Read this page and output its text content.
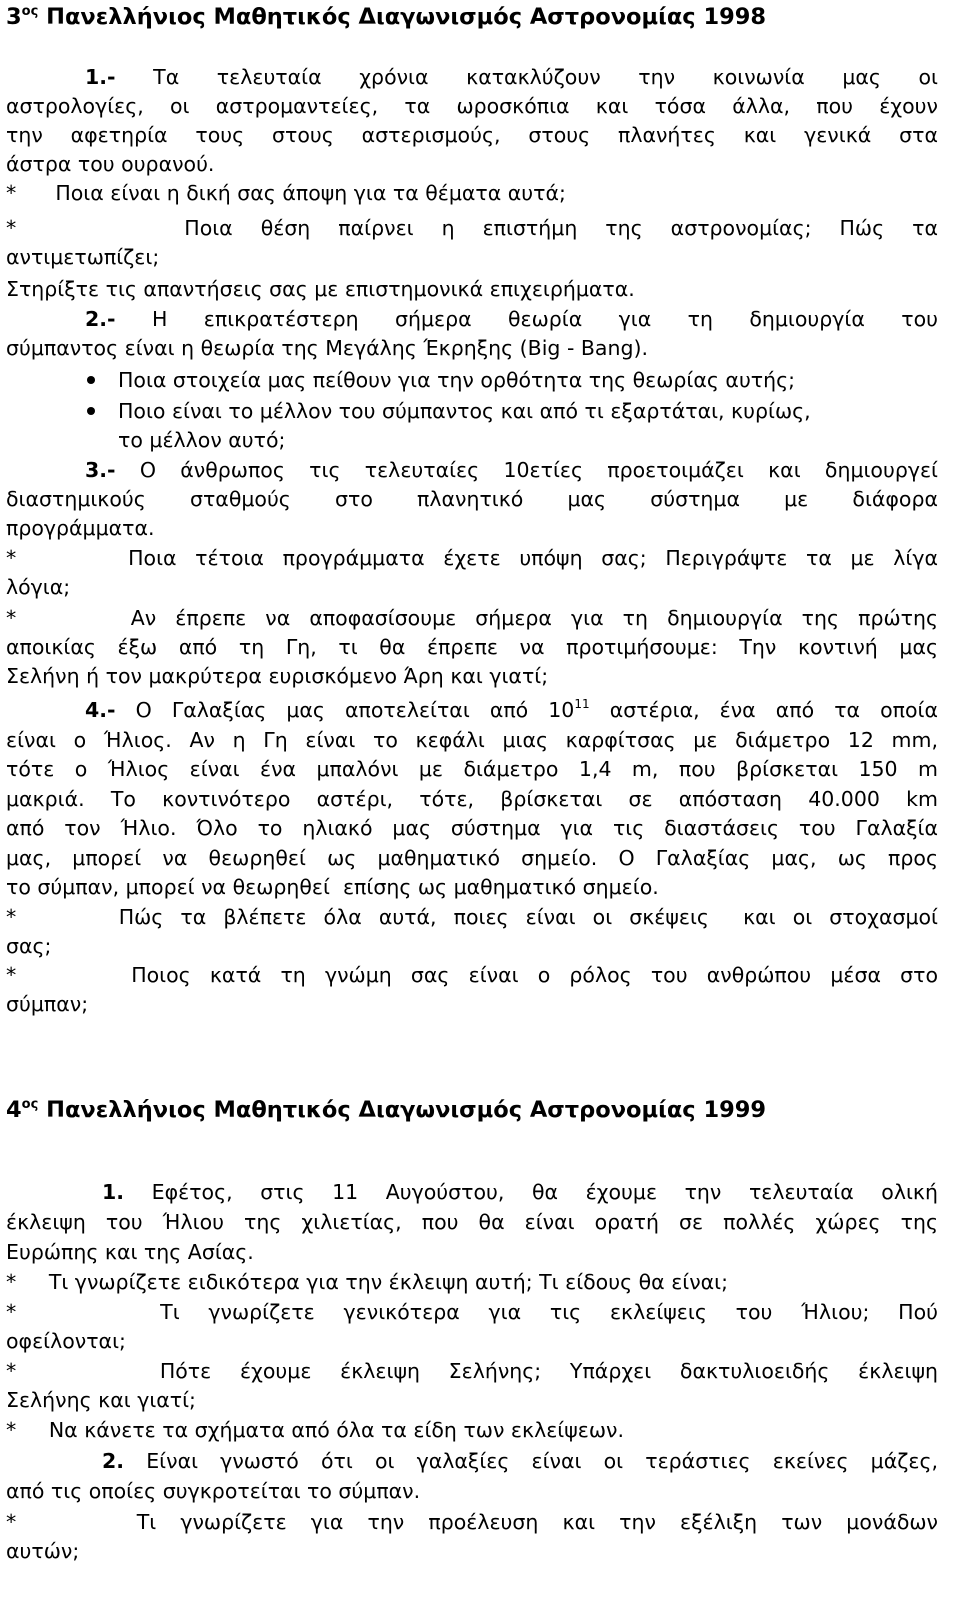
$3^{o\varsigma}$ Πανελλήνιος Μαθητικός Διαγωνισμός Αστρονομίας 1998
1.- Τα τελευταία χρόνια κατακλύζουν την κοινωνία μας οι
αστρολογίες, οι αστρομαντείες, τα ωροσκόπια και τόσα άλλα, που έχουν
την αφετηρία τους στους αστερισμούς, στους πλανήτες και γενικά στα
άστρα του ουρανού.
*      Ποια είναι η δική σας άποψη για τα θέματα αυτά;
*      Ποια θέση παίρνει η επιστήμη της αστρονομίας; Πώς τα
αντιμετωπίζει;
Στηρίξτε τις απαντήσεις σας με επιστημονικά επιχειρήματα.
2.- Η επικρατέστερη σήμερα θεωρία για τη δημιουργία του
σύμπαντος είναι η θεωρία της Μεγάλης Έκρηξης (Big - Bang).
Ποια στοιχεία μας πείθουν για την ορθότητα της θεωρίας αυτής;
Ποιο είναι το μέλλον του σύμπαντος και από τι εξαρτάται, κυρίως,
το μέλλον αυτό;
3.- Ο άνθρωπος τις τελευταίες 10ετίες προετοιμάζει και δημιουργεί
διαστημικούς σταθμούς στο πλανητικό μας σύστημα με διάφορα
προγράμματα.
*      Ποια τέτοια προγράμματα έχετε υπόψη σας; Περιγράψτε τα με λίγα
λόγια;
*      Αν έπρεπε να αποφασίσουμε σήμερα για τη δημιουργία της πρώτης
αποικίας έξω από τη Γη, τι θα έπρεπε να προτιμήσουμε: Την κοντινή μας
Σελήνη ή τον μακρύτερα ευρισκόμενο Άρη και γιατί;
4.- Ο Γαλαξίας μας αποτελείται από $10^{11}$ αστέρια, ένα από τα οποία
είναι ο Ήλιος. Αν η Γη είναι το κεφάλι μιας καρφίτσας με διάμετρο 12 mm,
τότε ο Ήλιος είναι ένα μπαλόνι με διάμετρο 1,4 m, που βρίσκεται 150 m
μακριά. Το κοντινότερο αστέρι, τότε, βρίσκεται σε απόσταση 40.000 km
από τον Ήλιο. Όλο το ηλιακό μας σύστημα για τις διαστάσεις του Γαλαξία
μας, μπορεί να θεωρηθεί ως μαθηματικό σημείο. Ο Γαλαξίας μας, ως προς
το σύμπαν, μπορεί να θεωρηθεί  επίσης ως μαθηματικό σημείο.
*      Πώς τα βλέπετε όλα αυτά, ποιες είναι οι σκέψεις  και οι στοχασμοί
σας;
*      Ποιος κατά τη γνώμη σας είναι ο ρόλος του ανθρώπου μέσα στο
σύμπαν;
$4^{o\varsigma}$ Πανελλήνιος Μαθητικός Διαγωνισμός Αστρονομίας 1999
1. Εφέτος, στις 11 Αυγούστου, θα έχουμε την τελευταία ολική
έκλειψη του Ήλιου της χιλιετίας, που θα είναι ορατή σε πολλές χώρες της
Ευρώπης και της Ασίας.
*     Τι γνωρίζετε ειδικότερα για την έκλειψη αυτή; Τι είδους θα είναι;
*     Τι γνωρίζετε γενικότερα για τις εκλείψεις του Ήλιου; Πού
οφείλονται;
*     Πότε έχουμε έκλειψη Σελήνης; Υπάρχει δακτυλιοειδής έκλειψη
Σελήνης και γιατί;
*     Να κάνετε τα σχήματα από όλα τα είδη των εκλείψεων.
2. Είναι γνωστό ότι οι γαλαξίες είναι οι τεράστιες εκείνες μάζες,
από τις οποίες συγκροτείται το σύμπαν.
*     Τι γνωρίζετε για την προέλευση και την εξέλιξη των μονάδων
αυτών;
